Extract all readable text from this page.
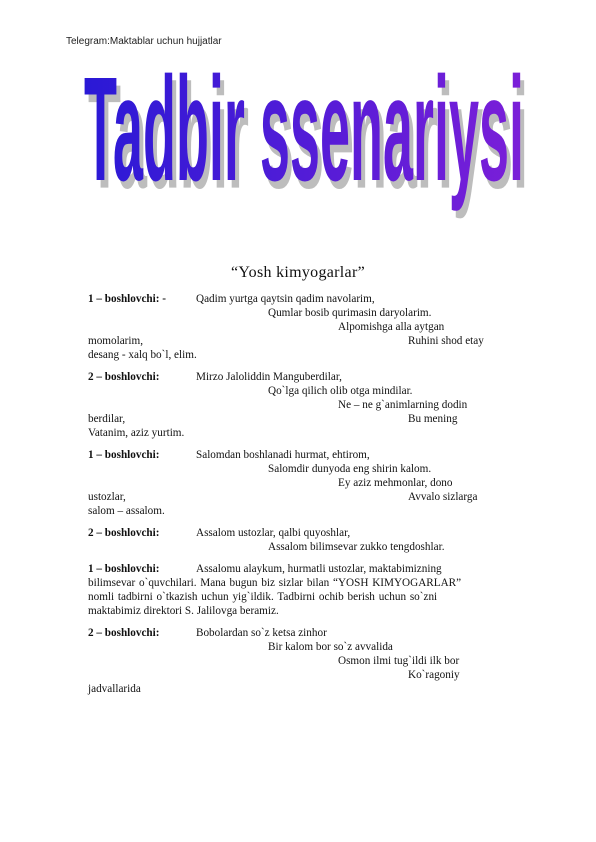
Telegram:Maktablar uchun hujjatlar
Tadbir ssenariysi
Tadbir ssenariysi
“Yosh kimyogarlar”
1 – boshlovchi: -	Qadim yurtga qaytsin qadim navolarim,
Qumlar bosib qurimasin daryolarim.
Alpomishga alla aytgan
momolarim,	Ruhini shod etay
desang - xalq bo`l, elim.
2 – boshlovchi:	Mirzo Jaloliddin Manguberdilar,
Qo`lga qilich olib otga mindilar.
Ne – ne g`animlarning dodin
berdilar,	Bu mening
Vatanim, aziz yurtim.
1 – boshlovchi:	Salomdan boshlanadi hurmat, ehtirom,
Salomdir dunyoda eng shirin kalom.
Ey aziz mehmonlar, dono
ustozlar,	Avvalo sizlarga
salom – assalom.
2 – boshlovchi:	Assalom ustozlar, qalbi quyoshlar,
Assalom bilimsevar zukko tengdoshlar.
1 – boshlovchi:	Assalomu alaykum, hurmatli ustozlar, maktabimizning
bilimsevar o`quvchilari. Mana bugun biz sizlar bilan “YOSH KIMYOGARLAR”
nomli tadbirni o`tkazish uchun yig`ildik. Tadbirni ochib berish uchun so`zni
maktabimiz direktori S. Jalilovga beramiz.
2 – boshlovchi:	Bobolardan so`z ketsa zinhor
Bir kalom bor so`z avvalida
Osmon ilmi tug`ildi ilk bor
Ko`ragoniy
jadvallarida
